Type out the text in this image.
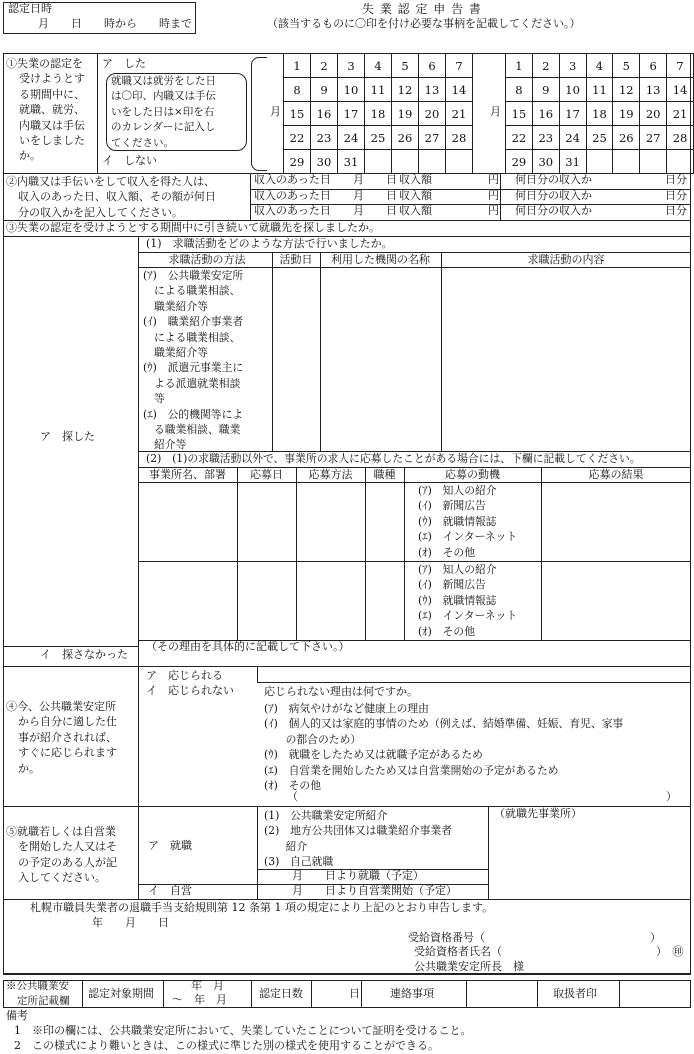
認定日時
月　　日　　時から　　時まで
失 業 認 定 申 告 書
（該当するものに〇印を付け必要な事柄を記載してください。）
①失業の認定を
受けようとす
る期間中に、
就職、就労、
内職又は手伝
いをしました
か。
ア　した
就職又は就労をした日
は〇印、内職又は手伝
いをした日は×印を右
のカレンダーに記入し
てください。
イ　しない
月
1	2	3	4	5	6	7
8	9	10	11	12	13	14
15	16	17	18	19	20	21
22	23	24	25	26	27	28
29	30	31				
月
1	2	3	4	5	6	7
8	9	10	11	12	13	14
15	16	17	18	19	20	21
22	23	24	25	26	27	28
29	30	31				
②内職又は手伝いをして収入を得た人は、
収入のあった日、収入額、その額が何日
分の収入かを記入してください。
収入のあった日 月　　日 収入額	円 何日分の収入か	日分
収入のあった日 月　　日 収入額	円 何日分の収入か	日分
収入のあった日 月　　日 収入額	円 何日分の収入か	日分
③失業の認定を受けようとする期間中に引き続いて就職先を探しましたか。
ア　探した
イ　探さなかった
(1)　求職活動をどのような方法で行いましたか。
求職活動の方法	活動日	利用した機関の名称	求職活動の内容
(ｱ)　公共職業安定所
による職業相談、
職業紹介等
(ｲ)　職業紹介事業者
による職業相談、
職業紹介等
(ｳ)　派遣元事業主に
よる派遣就業相談
等
(ｴ)　公的機関等によ
る職業相談、職業
紹介等
(2)　(1)の求職活動以外で、事業所の求人に応募したことがある場合には、下欄に記載してください。
事業所名、部署	応募日	応募方法	職種	応募の動機	応募の結果
(ｱ)　知人の紹介
(ｲ)　新聞広告
(ｳ)　就職情報誌
(ｴ)　インターネット
(ｵ)　その他
(ｱ)　知人の紹介
(ｲ)　新聞広告
(ｳ)　就職情報誌
(ｴ)　インターネット
(ｵ)　その他
（その理由を具体的に記載して下さい。）
④今、公共職業安定所
から自分に適した仕
事が紹介されれば、
すぐに応じられます
か。
ア　応じられる
イ　応じられない	応じられない理由は何ですか。
(ｱ)　病気やけがなど健康上の理由
(ｲ)　個人的又は家庭的事情のため（例えば、結婚準備、妊娠、育児、家事
　　の都合のため）
(ｳ)　就職をしたため又は就職予定があるため
(ｴ)　自営業を開始したため又は自営業開始の予定があるため
(ｵ)　その他
（	）
⑤就職若しくは自営業
を開始した人又はそ
の予定のある人が記
入してください。
ア　就職
イ　自営
(1)　公共職業安定所紹介
(2)　地方公共団体又は職業紹介事業者
　　紹介
(3)　自己就職
月　　日より就職（予定）
月　　日より自営業開始（予定）
（就職先事業所）
札幌市職員失業者の退職手当支給規則第 12 条第 1 項の規定により上記のとおり申告します。
年　　月　　日
受給資格番号（　　　　　　　　　　　　　　　）
受給資格者氏名（　　　　　　　　　　　　　　）　㊞
公共職業安定所長　様
※公共職業安
定所記載欄
認定対象期間
年　月
～　年　月	認定日数	日	連絡事項	取扱者印
備考
1　※印の欄には、公共職業安定所において、失業していたことについて証明を受けること。
2　この様式により難いときは、この様式に準じた別の様式を使用することができる。
